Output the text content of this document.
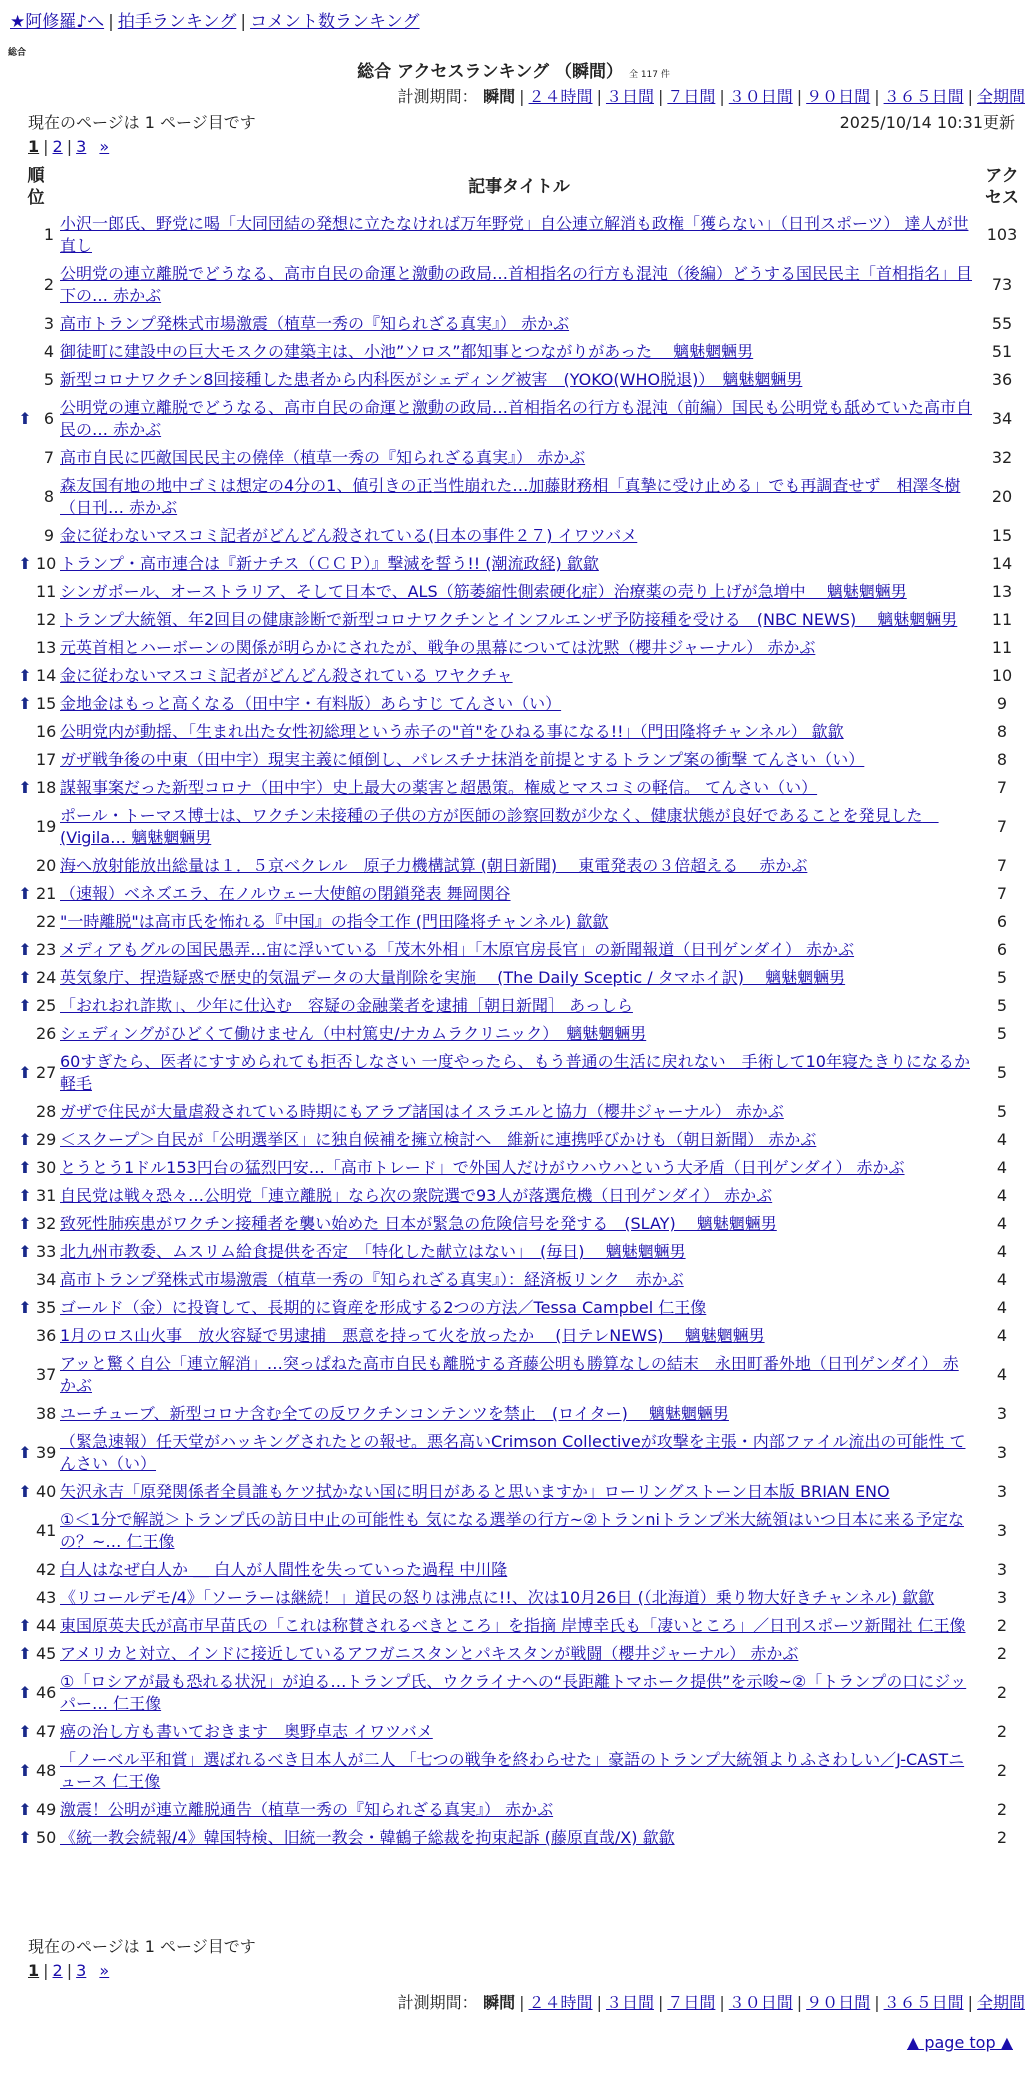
★阿修羅♪へ | 拍手ランキング | コメント数ランキング
総合
総合 アクセスランキング （瞬間） 全 117 件
計測期間： 瞬間 | ２４時間 | ３日間 | ７日間 | ３０日間 | ９０日間 | ３６５日間 | 全期間
現在のページは 1 ページ目です	2025/10/14 10:31更新
1 | 2 | 3 »
順
位		記事タイトル	アク
セス
	1	小沢一郎氏、野党に喝「大同団結の発想に立たなければ万年野党」自公連立解消も政権「獲らない」（日刊スポーツ） 達人が世直し	103
	2	公明党の連立離脱でどうなる、高市自民の命運と激動の政局…首相指名の行方も混沌（後編）どうする国民民主「首相指名」目下の… 赤かぶ	73
	3	高市トランプ発株式市場激震（植草一秀の『知られざる真実』） 赤かぶ	55
	4	御徒町に建設中の巨大モスクの建築主は、小池”ソロス”都知事とつながりがあった　 魑魅魍魎男	51
	5	新型コロナワクチン8回接種した患者から内科医がシェディング被害　(YOKO(WHO脱退)）　魑魅魍魎男	36
⬆	6	公明党の連立離脱でどうなる、高市自民の命運と激動の政局…首相指名の行方も混沌（前編）国民も公明党も舐めていた高市自民の… 赤かぶ	34
	7	高市自民に匹敵国民民主の僥倖（植草一秀の『知られざる真実』） 赤かぶ	32
	8	森友国有地の地中ゴミは想定の4分の1、値引きの正当性崩れた…加藤財務相「真摯に受け止める」でも再調査せず　相澤冬樹（日刊… 赤かぶ	20
	9	金に従わないマスコミ記者がどんどん殺されている(日本の事件２７) イワツバメ	15
⬆	10	トランプ・高市連合は『新ナチス（ＣＣＰ）』撃滅を誓う!! (潮流政経) 歙歙	14
	11	シンガポール、オーストラリア、そして日本で、ALS（筋萎縮性側索硬化症）治療薬の売り上げが急増中　 魑魅魍魎男	13
	12	トランプ大統領、年2回目の健康診断で新型コロナワクチンとインフルエンザ予防接種を受ける　(NBC NEWS)　 魑魅魍魎男	11
	13	元英首相とハーボーンの関係が明らかにされたが、戦争の黒幕については沈黙（櫻井ジャーナル） 赤かぶ	11
⬆	14	金に従わないマスコミ記者がどんどん殺されている ワヤクチャ	10
⬆	15	金地金はもっと高くなる（田中宇・有料版）あらすじ てんさい（い）	9
	16	公明党内が動揺、「生まれ出た女性初総理という赤子の"首"をひねる事になる!!」（門田隆将チャンネル） 歙歙	8
	17	ガザ戦争後の中東（田中宇）現実主義に傾倒し、パレスチナ抹消を前提とするトランプ案の衝撃 てんさい（い）	8
⬆	18	謀報事案だった新型コロナ（田中宇）史上最大の薬害と超愚策。権威とマスコミの軽信。 てんさい（い）	7
	19	ポール・トーマス博士は、ワクチン未接種の子供の方が医師の診察回数が少なく、健康状態が良好であることを発見した　(Vigila… 魑魅魍魎男	7
	20	海へ放射能放出総量は１．５京ベクレル　原子力機構試算 (朝日新聞)　 東電発表の３倍超える　 赤かぶ	7
⬆	21	（速報）ベネズエラ、在ノルウェー大使館の閉鎖発表 舞岡関谷	7
	22	"一時離脱"は高市氏を怖れる『中国』の指令工作 (門田隆将チャンネル) 歙歙	6
⬆	23	メディアもグルの国民愚弄…宙に浮いている「茂木外相」「木原官房長官」の新聞報道（日刊ゲンダイ） 赤かぶ	6
⬆	24	英気象庁、捏造疑惑で歴史的気温データの大量削除を実施　 (The Daily Sceptic / タマホイ訳)　 魑魅魍魎男	5
⬆	25	「おれおれ詐欺」、少年に仕込む　容疑の金融業者を逮捕［朝日新聞］ あっしら	5
	26	シェディングがひどくて働けません（中村篤史/ナカムラクリニック）　魑魅魍魎男	5
⬆	27	60すぎたら、医者にすすめられても拒否しなさい 一度やったら、もう普通の生活に戻れない　手術して10年寝たきりになるか軽毛	5
	28	ガザで住民が大量虐殺されている時期にもアラブ諸国はイスラエルと協力（櫻井ジャーナル） 赤かぶ	5
⬆	29	＜スクープ＞自民が「公明選挙区」に独自候補を擁立検討へ　維新に連携呼びかけも（朝日新聞） 赤かぶ	4
⬆	30	とうとう1ドル153円台の猛烈円安…「高市トレード」で外国人だけがウハウハという大矛盾（日刊ゲンダイ） 赤かぶ	4
⬆	31	自民党は戦々恐々…公明党「連立離脱」なら次の衆院選で93人が落選危機（日刊ゲンダイ） 赤かぶ	4
⬆	32	致死性肺疾患がワクチン接種者を襲い始めた 日本が緊急の危険信号を発する　(SLAY)　 魑魅魍魎男	4
⬆	33	北九州市教委、ムスリム給食提供を否定　「特化した献立はない」　(毎日)　 魑魅魍魎男	4
	34	高市トランプ発株式市場激震（植草一秀の『知られざる真実』）：経済板リンク　赤かぶ	4
⬆	35	ゴールド（金）に投資して、長期的に資産を形成する2つの方法／Tessa Campbel 仁王像	4
	36	1月のロス山火事　放火容疑で男逮捕　悪意を持って火を放ったか　 (日テレNEWS)　 魑魅魍魎男	4
	37	アッと驚く自公「連立解消」…突っぱねた高市自民も離脱する斉藤公明も勝算なしの結末　永田町番外地（日刊ゲンダイ） 赤かぶ	4
	38	ユーチューブ、新型コロナ含む全ての反ワクチンコンテンツを禁止　(ロイター)　 魑魅魍魎男	3
⬆	39	（緊急速報）任天堂がハッキングされたとの報せ。悪名高いCrimson Collectiveが攻撃を主張・内部ファイル流出の可能性 てんさい（い）	3
⬆	40	矢沢永吉「原発関係者全員誰もケツ拭かない国に明日があると思いますか」ローリングストーン日本版 BRIAN ENO	3
	41	①＜1分で解説＞トランプ氏の訪日中止の可能性も 気になる選挙の行方~②トランniトランプ米大統領はいつ日本に来る予定なの？~… 仁王像	3
	42	白人はなぜ白人か ＿ 白人が人間性を失っていった過程 中川隆	3
	43	《リコールデモ/4》「ソーラーは継続！」道民の怒りは沸点に!!、次は10月26日 (（北海道）乗り物大好きチャンネル) 歙歙	3
⬆	44	東国原英夫氏が高市早苗氏の「これは称賛されるべきところ」を指摘 岸博幸氏も「凄いところ」／日刊スポーツ新聞社 仁王像	2
⬆	45	アメリカと対立、インドに接近しているアフガニスタンとパキスタンが戦闘（櫻井ジャーナル） 赤かぶ	2
⬆	46	①「ロシアが最も恐れる状況」が迫る…トランプ氏、ウクライナへの“長距離トマホーク提供”を示唆~②「トランプの口にジッパー… 仁王像	2
⬆	47	癌の治し方も書いておきます　奥野卓志 イワツバメ	2
⬆	48	「ノーベル平和賞」選ばれるべき日本人が二人 「七つの戦争を終わらせた」豪語のトランプ大統領よりふさわしい／J-CASTニュース 仁王像	2
⬆	49	激震！公明が連立離脱通告（植草一秀の『知られざる真実』） 赤かぶ	2
⬆	50	《統一教会続報/4》韓国特検、旧統一教会・韓鶴子総裁を拘束起訴 (藤原直哉/X) 歙歙	2
現在のページは 1 ページ目です
1 | 2 | 3 »
計測期間： 瞬間 | ２４時間 | ３日間 | ７日間 | ３０日間 | ９０日間 | ３６５日間 | 全期間
▲ page top ▲
